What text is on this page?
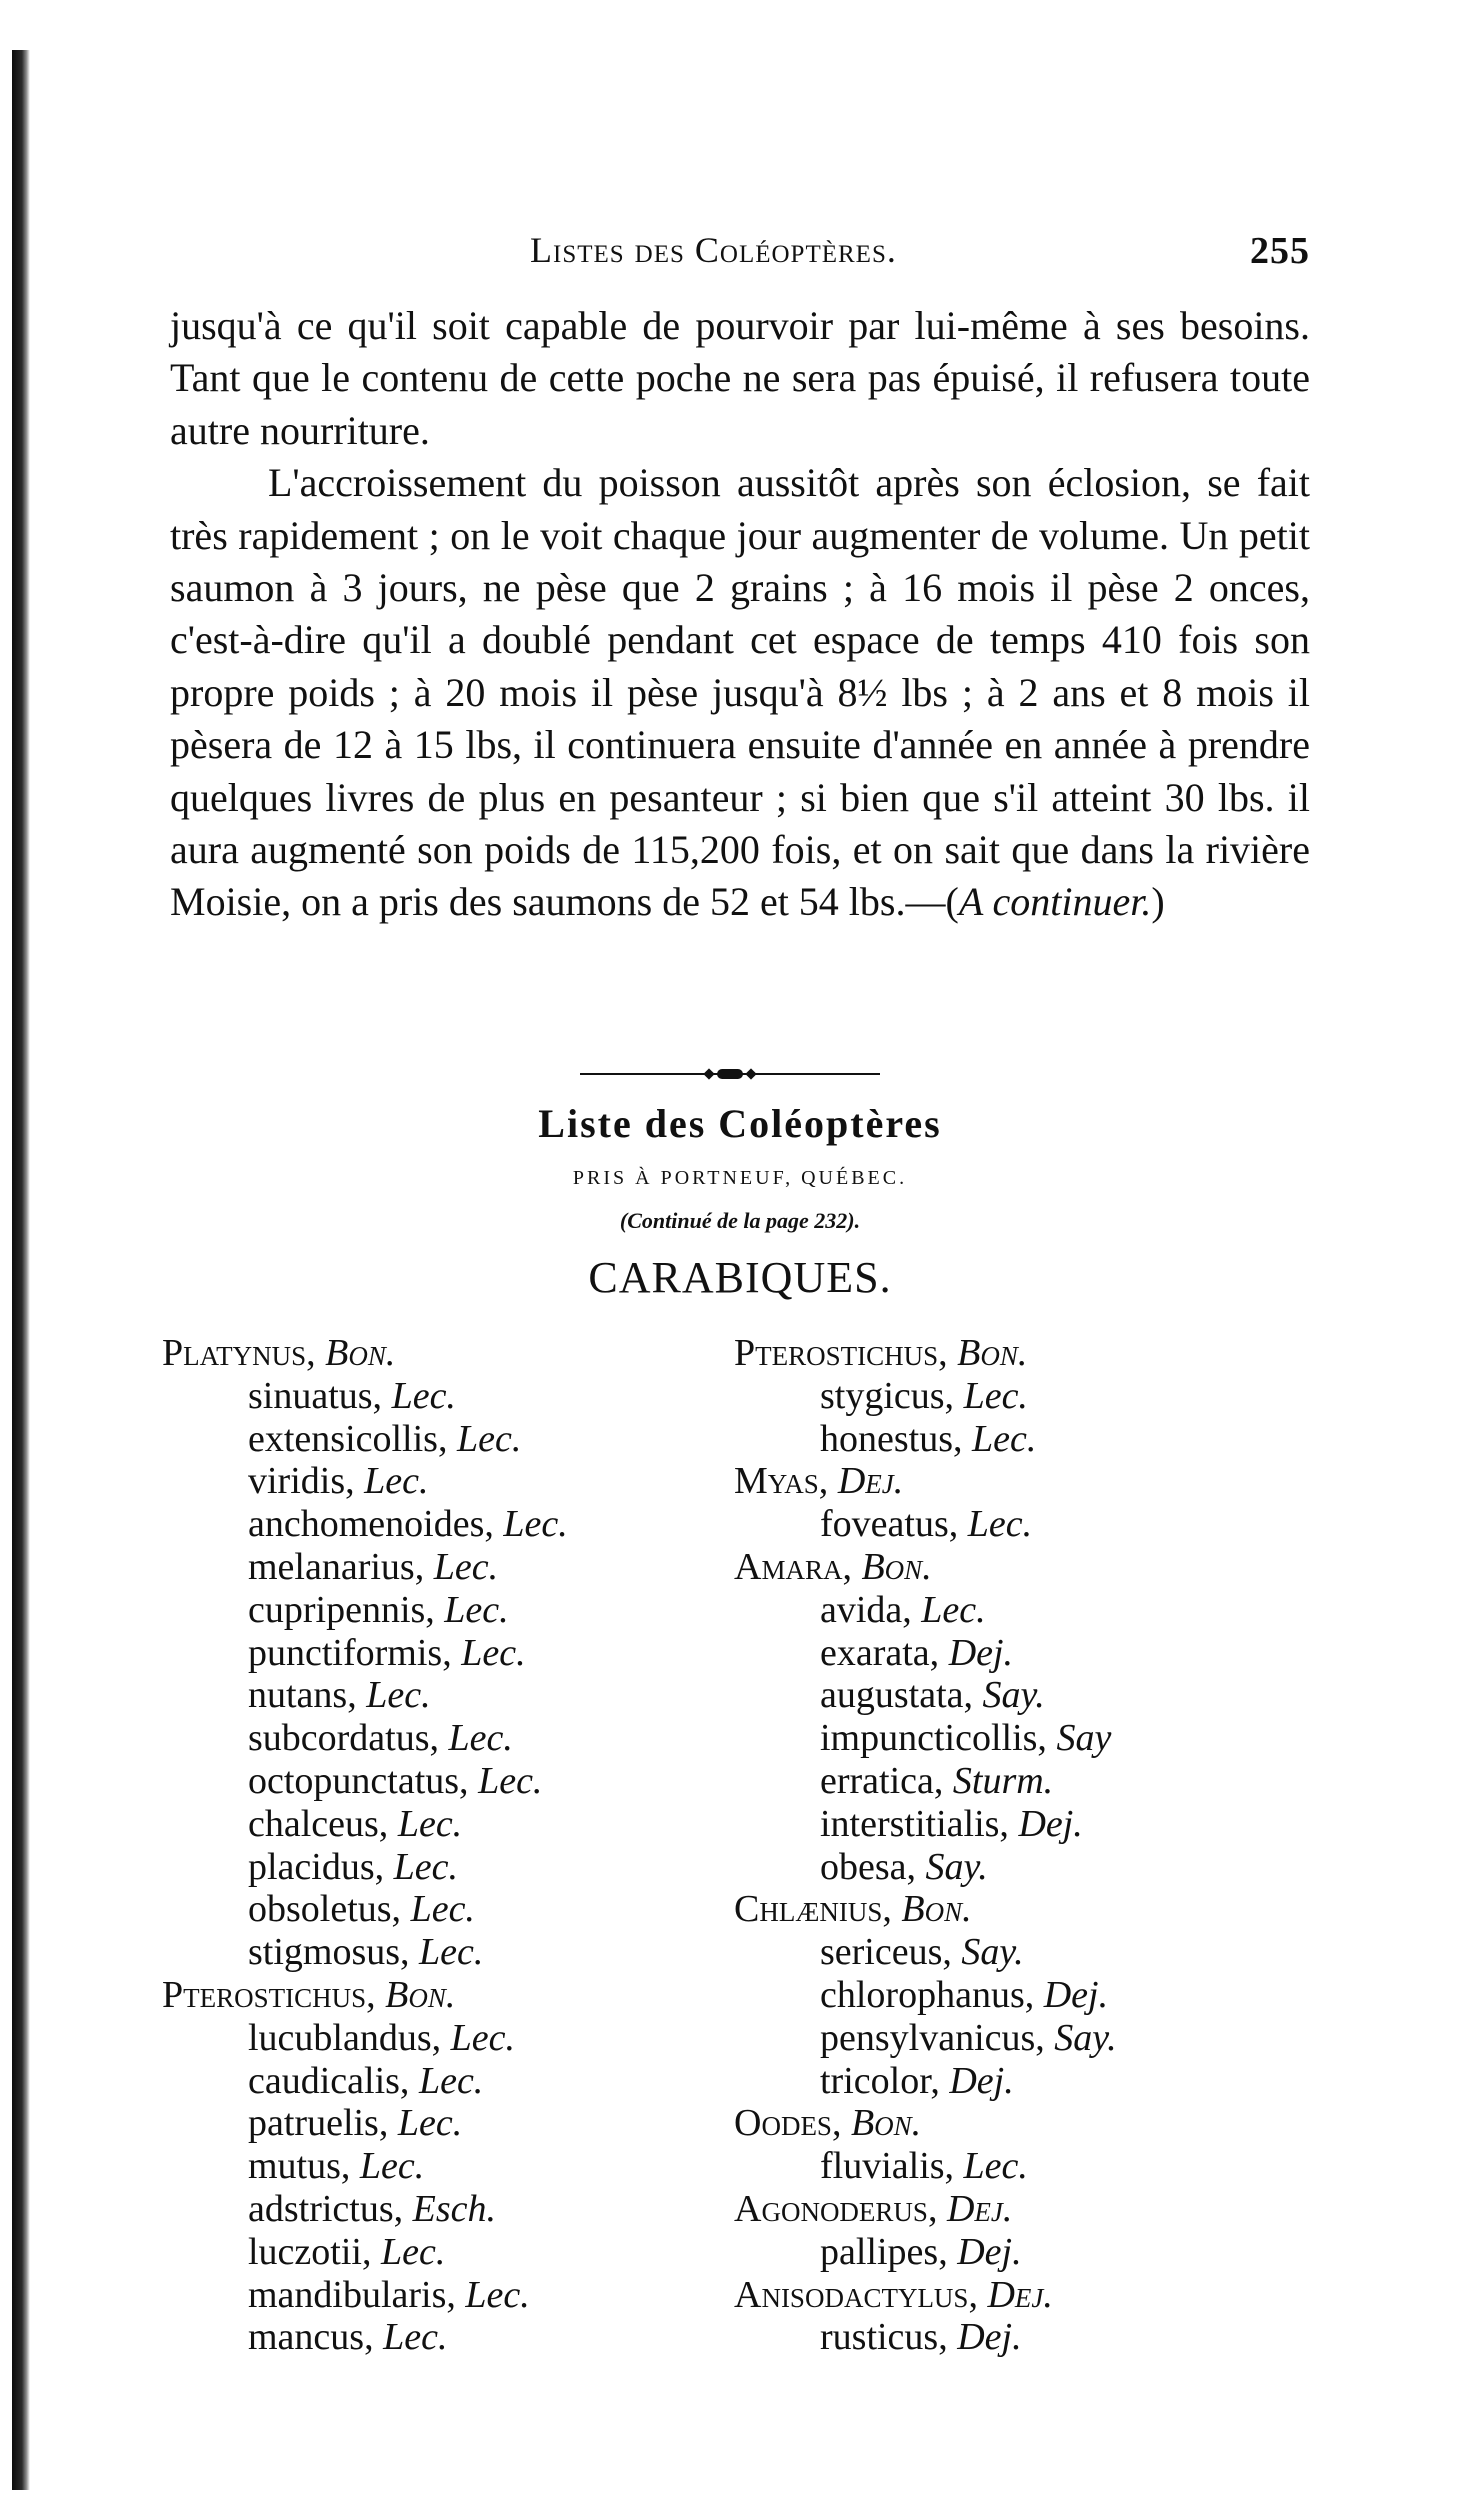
Listes des Coléoptères.	255

jusqu'à ce qu'il soit capable de pourvoir par lui-même à ses besoins. Tant que le contenu de cette poche ne sera pas épuisé, il refusera toute autre nourriture.

L'accroissement du poisson aussitôt après son éclosion, se fait très rapidement ; on le voit chaque jour augmenter de volume. Un petit saumon à 3 jours, ne pèse que 2 grains ; à 16 mois il pèse 2 onces, c'est-à-dire qu'il a doublé pendant cet espace de temps 410 fois son propre poids ; à 20 mois il pèse jusqu'à 8½ lbs ; à 2 ans et 8 mois il pèsera de 12 à 15 lbs, il continuera ensuite d'année en année à prendre quelques livres de plus en pesanteur ; si bien que s'il atteint 30 lbs. il aura augmenté son poids de 115,200 fois, et on sait que dans la rivière Moisie, on a pris des saumons de 52 et 54 lbs.—(A continuer.)

Liste des Coléoptères
PRIS À PORTNEUF, QUÉBEC.
(Continué de la page 232).
CARABIQUES.
Platynus, Bon.
sinuatus, Lec.
extensicollis, Lec.
viridis, Lec.
anchomenoides, Lec.
melanarius, Lec.
cupripennis, Lec.
punctiformis, Lec.
nutans, Lec.
subcordatus, Lec.
octopunctatus, Lec.
chalceus, Lec.
placidus, Lec.
obsoletus, Lec.
stigmosus, Lec.
Pterostichus, Bon.
lucublandus, Lec.
caudicalis, Lec.
patruelis, Lec.
mutus, Lec.
adstrictus, Esch.
luczotii, Lec.
mandibularis, Lec.
mancus, Lec.
Pterostichus, Bon.
stygicus, Lec.
honestus, Lec.
Myas, Dej.
foveatus, Lec.
Amara, Bon.
avida, Lec.
exarata, Dej.
augustata, Say.
impuncticollis, Say
erratica, Sturm.
interstitialis, Dej.
obesa, Say.
Chlænius, Bon.
sericeus, Say.
chlorophanus, Dej.
pensylvanicus, Say.
tricolor, Dej.
Oodes, Bon.
fluvialis, Lec.
Agonoderus, Dej.
pallipes, Dej.
Anisodactylus, Dej.
rusticus, Dej.
